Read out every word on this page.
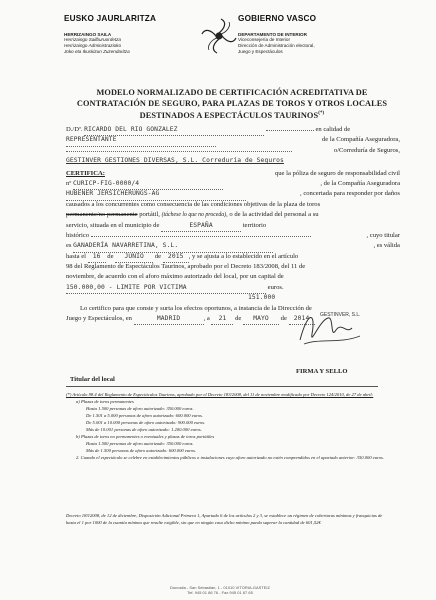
EUSKO JAURLARITZA
HERRIZAINGO SAILA
Herrizaingo Sailburuordetza
Herrizaingo Administrazioko
Joko eta Ikuskizun Zuzendaritza
GOBIERNO VASCO
DEPARTAMENTO DE INTERIOR
Viceconsejería de Interior
Dirección de Administración electoral,
Juego y Espectáculos
MODELO NORMALIZADO DE CERTIFICACIÓN ACREDITATIVA DE CONTRATACIÓN DE SEGURO, PARA PLAZAS DE TOROS Y OTROS LOCALES DESTINADOS A ESPECTÁCULOS TAURINOS(*)
D./Dª. RICARDO DEL RIO GONZALEZ	en calidad de
REPRESENTANTE	de la Compañía Aseguradora,
o/Correduría de Seguros,
GESTINVER GESTIONES DIVERSAS, S.L. Correduría de Seguros
CERTIFICA:	que la póliza de seguro de responsabilidad civil
nº CURICP-FIG-0000/4	, de la Compañía Aseguradora
HUBENER JERSICHERUNGS-AG	, concertada para responder por daños
causados a los concurrentes como consecuencia de las condiciones objetivas de la plaza de toros
permanente/no permanente portátil, (táchese lo que no proceda), o de la actividad del personal a su
servicio, situada en el municipio de	ESPAÑA	territorio
histórico	, cuyo titular
es GANADERÍA NAVARRETINA, S.L.	, es válida
hasta el 16 de JUNIO de 2015 , y se ajusta a lo establecido en el artículo
98 del Reglamento de Espectáculos Taurinos, aprobado por el Decreto 183/2008, del 11 de
noviembre, de acuerdo con el aforo máximo autorizado del local, por un capital de
150.000,00 - LIMITE POR VICTIMA	euros.
151.000
Lo certifico para que conste y surta los efectos oportunos, a instancia de la Dirección de
Juego y Espectáculos, en	MADRID	, a 21 de MAYO de 2014
GESTINVER, S.L.
FIRMA Y SELLO
Titular del local
(*) Artículo 98.4 del Reglamento de Espectáculos Taurinos, aprobado por el Decreto 183/2008, del 11 de noviembre modificado por Decreto 124/2010, de 27 de abril:
a) Plazas de toros permanentes
Hasta 1.500 personas de aforo autorizado: 350.000 euros.
De 1.501 a 5.000 personas de aforo autorizado: 600.000 euros.
De 5.001 a 10.000 personas de aforo autorizado: 900.000 euros.
Más de 10.001 personas de aforo autorizado: 1.200.000 euros.
b) Plazas de toros no permanentes o eventuales y plazas de toros portátiles
Hasta 1.500 personas de aforo autorizado: 350.000 euros.
Más de 1.500 personas de aforo autorizado: 600.000 euros.
2. Cuando el espectáculo se celebre en establecimientos públicos o instalaciones cuyo aforo autorizado no estén comprendidos en el apartado anterior: 350.000 euros.
Decreto 183/2008, de 12 de diciembre, Disposición Adicional Primera 1, Apartado 6 de los artículos 2 y 3, se establece un régimen de coberturas mínimas y franquicias de hasta el 1 por 1000 de la cuantía mínima que resulte exigible, sin que en ningún caso dicho mínimo pueda superar la cantidad de 601,52€
Donostia - San Sebastián, 1 - 01010 VITORIA-GASTEIZ
Tef. 945 01 86 76 - Fax 945 01 87 65
